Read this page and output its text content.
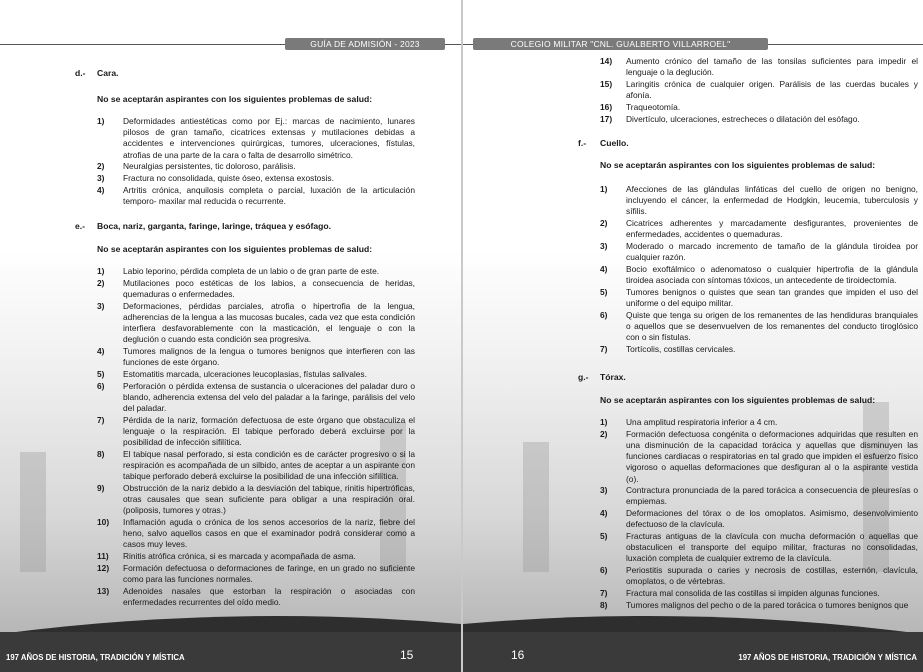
GUÍA DE ADMISIÓN - 2023
d.- Cara.
No se aceptarán aspirantes con los siguientes problemas de salud:
1) Deformidades antiestéticas como por Ej.: marcas de nacimiento, lunares pilosos de gran tamaño, cicatrices extensas y mutilaciones debidas a accidentes e intervenciones quirúrgicas, tumores, ulceraciones, fístulas, atrofias de una parte de la cara o falta de desarrollo simétrico.
2) Neuralgias persistentes, tic doloroso, parálisis.
3) Fractura no consolidada, quiste óseo, extensa exostosis.
4) Artritis crónica, anquilosis completa o parcial, luxación de la articulación temporo- maxilar mal reducida o recurrente.
e.- Boca, nariz, garganta, faringe, laringe, tráquea y esófago.
No se aceptarán aspirantes con los siguientes problemas de salud:
1) Labio leporino, pérdida completa de un labio o de gran parte de este.
2) Mutilaciones poco estéticas de los labios, a consecuencia de heridas, quemaduras o enfermedades.
3) Deformaciones, pérdidas parciales, atrofia o hipertrofia de la lengua, adherencias de la lengua a las mucosas bucales, cada vez que esta condición interfiera desfavorablemente con la masticación, el lenguaje o con la deglución o cuando esta condición sea progresiva.
4) Tumores malignos de la lengua o tumores benignos que interfieren con las funciones de este órgano.
5) Estomatitis marcada, ulceraciones leucoplasias, fístulas salivales.
6) Perforación o pérdida extensa de sustancia o ulceraciones del paladar duro o blando, adherencia extensa del velo del paladar a la faringe, parálisis del velo del paladar.
7) Pérdida de la nariz, formación defectuosa de este órgano que obstaculiza el lenguaje o la respiración. El tabique perforado deberá excluirse por la posibilidad de infección sifilítica.
8) El tabique nasal perforado, si esta condición es de carácter progresivo o si la respiración es acompañada de un silbido, antes de aceptar a un aspirante con tabique perforado deberá excluirse la posibilidad de una infección sifilítica.
9) Obstrucción de la nariz debido a la desviación del tabique, rinitis hipertróficas, otras causales que sean suficiente para obligar a una respiración oral. (poliposis, tumores y otras.)
10) Inflamación aguda o crónica de los senos accesorios de la nariz, fiebre del heno, salvo aquellos casos en que el examinador podrá considerar como a casos muy leves.
11) Rinitis atrófica crónica, si es marcada y acompañada de asma.
12) Formación defectuosa o deformaciones de faringe, en un grado no suficiente como para las funciones normales.
13) Adenoides nasales que estorban la respiración o asociadas con enfermedades recurrentes del oído medio.
197 AÑOS DE HISTORIA, TRADICIÓN Y MÍSTICA	15
COLEGIO MILITAR "CNL. GUALBERTO VILLARROEL"
14) Aumento crónico del tamaño de las tonsilas suficientes para impedir el lenguaje o la deglución.
15) Laringitis crónica de cualquier origen. Parálisis de las cuerdas bucales y afonía.
16) Traqueotomía.
17) Divertículo, ulceraciones, estrecheces o dilatación del esófago.
f.- Cuello.
No se aceptarán aspirantes con los siguientes problemas de salud:
1) Afecciones de las glándulas linfáticas del cuello de origen no benigno, incluyendo el cáncer, la enfermedad de Hodgkin, leucemia, tuberculosis y sífilis.
2) Cicatrices adherentes y marcadamente desfigurantes, provenientes de enfermedades, accidentes o quemaduras.
3) Moderado o marcado incremento de tamaño de la glándula tiroidea por cualquier razón.
4) Bocio exoftálmico o adenomatoso o cualquier hipertrofia de la glándula tiroidea asociada con síntomas tóxicos, un antecedente de tiroidectomía.
5) Tumores benignos o quistes que sean tan grandes que impiden el uso del uniforme o del equipo militar.
6) Quiste que tenga su origen de los remanentes de las hendiduras branquiales o aquellos que se desenvuelven de los remanentes del conducto tiroglósico con o sin fístulas.
7) Tortícolis, costillas cervicales.
g.- Tórax.
No se aceptarán aspirantes con los siguientes problemas de salud:
1) Una amplitud respiratoria inferior a 4 cm.
2) Formación defectuosa congénita o deformaciones adquiridas que resulten en una disminución de la capacidad torácica y aquellas que disminuyen las funciones cardiacas o respiratorias en tal grado que impiden el esfuerzo físico vigoroso o aquellas deformaciones que desfiguran al o la aspirante vestida (o).
3) Contractura pronunciada de la pared torácica a consecuencia de pleuresías o empiemas.
4) Deformaciones del tórax o de los omoplatos. Asimismo, desenvolvimiento defectuoso de la clavícula.
5) Fracturas antiguas de la clavícula con mucha deformación o aquellas que obstaculicen el transporte del equipo militar, fracturas no consolidadas, luxación completa de cualquier extremo de la clavícula.
6) Periostitis supurada o caries y necrosis de costillas, esternón, clavícula, omoplatos, o de vértebras.
7) Fractura mal consolida de las costillas si impiden algunas funciones.
8) Tumores malignos del pecho o de la pared torácica o tumores benignos que
16	197 AÑOS DE HISTORIA, TRADICIÓN Y MÍSTICA
